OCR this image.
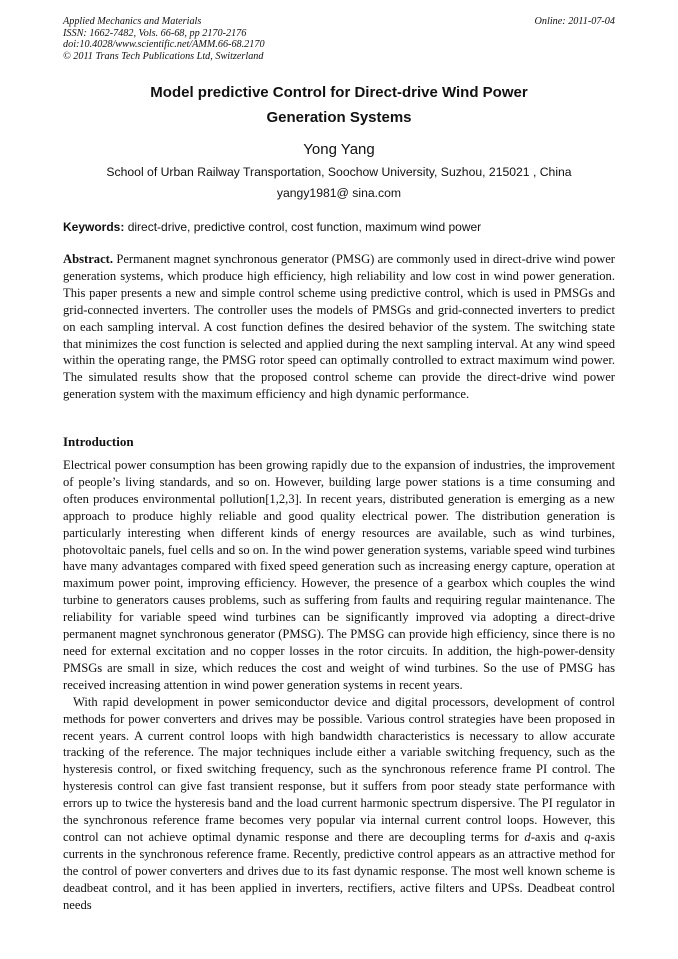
Applied Mechanics and Materials
ISSN: 1662-7482, Vols. 66-68, pp 2170-2176
doi:10.4028/www.scientific.net/AMM.66-68.2170
© 2011 Trans Tech Publications Ltd, Switzerland
Online: 2011-07-04
Model predictive Control for Direct-drive Wind Power
Generation Systems
Yong Yang
School of Urban Railway Transportation, Soochow University, Suzhou, 215021 , China
yangy1981@ sina.com
Keywords: direct-drive, predictive control, cost function, maximum wind power
Abstract. Permanent magnet synchronous generator (PMSG) are commonly used in direct-drive wind power generation systems, which produce high efficiency, high reliability and low cost in wind power generation. This paper presents a new and simple control scheme using predictive control, which is used in PMSGs and grid-connected inverters. The controller uses the models of PMSGs and grid-connected inverters to predict on each sampling interval. A cost function defines the desired behavior of the system. The switching state that minimizes the cost function is selected and applied during the next sampling interval. At any wind speed within the operating range, the PMSG rotor speed can optimally controlled to extract maximum wind power. The simulated results show that the proposed control scheme can provide the direct-drive wind power generation system with the maximum efficiency and high dynamic performance.
Introduction

Electrical power consumption has been growing rapidly due to the expansion of industries, the improvement of people’s living standards, and so on. However, building large power stations is a time consuming and often produces environmental pollution[1,2,3]. In recent years, distributed generation is emerging as a new approach to produce highly reliable and good quality electrical power. The distribution generation is particularly interesting when different kinds of energy resources are available, such as wind turbines, photovoltaic panels, fuel cells and so on. In the wind power generation systems, variable speed wind turbines have many advantages compared with fixed speed generation such as increasing energy capture, operation at maximum power point, improving efficiency. However, the presence of a gearbox which couples the wind turbine to generators causes problems, such as suffering from faults and requiring regular maintenance. The reliability for variable speed wind turbines can be significantly improved via adopting a direct-drive permanent magnet synchronous generator (PMSG). The PMSG can provide high efficiency, since there is no need for external excitation and no copper losses in the rotor circuits. In addition, the high-power-density PMSGs are small in size, which reduces the cost and weight of wind turbines. So the use of PMSG has received increasing attention in wind power generation systems in recent years.

With rapid development in power semiconductor device and digital processors, development of control methods for power converters and drives may be possible. Various control strategies have been proposed in recent years. A current control loops with high bandwidth characteristics is necessary to allow accurate tracking of the reference. The major techniques include either a variable switching frequency, such as the hysteresis control, or fixed switching frequency, such as the synchronous reference frame PI control. The hysteresis control can give fast transient response, but it suffers from poor steady state performance with errors up to twice the hysteresis band and the load current harmonic spectrum dispersive. The PI regulator in the synchronous reference frame becomes very popular via internal current control loops. However, this control can not achieve optimal dynamic response and there are decoupling terms for d-axis and q-axis currents in the synchronous reference frame. Recently, predictive control appears as an attractive method for the control of power converters and drives due to its fast dynamic response. The most well known scheme is deadbeat control, and it has been applied in inverters, rectifiers, active filters and UPSs. Deadbeat control needs
